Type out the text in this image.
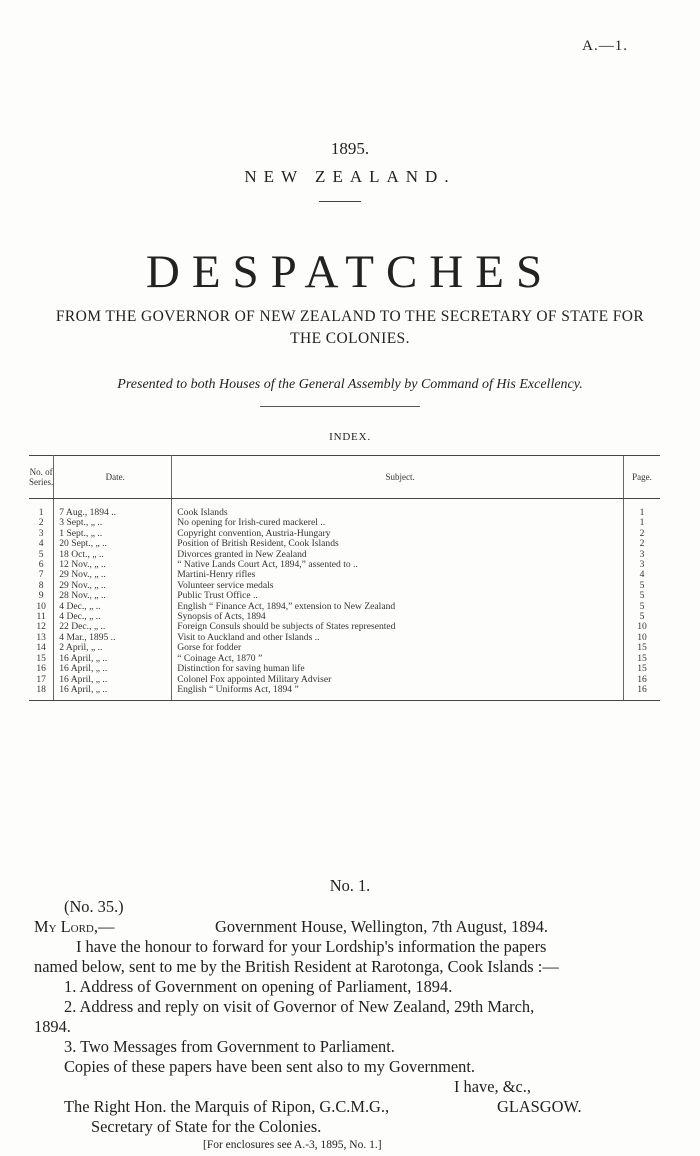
A.—1.
1895.
NEW ZEALAND.
DESPATCHES
FROM THE GOVERNOR OF NEW ZEALAND TO THE SECRETARY OF STATE FOR THE COLONIES.
Presented to both Houses of the General Assembly by Command of His Excellency.
INDEX.
No. of Series.	Date.	Subject.	Page.
1	7 Aug., 1894 ..	Cook Islands	1
2	3 Sept., „ ..	No opening for Irish-cured mackerel ..	1
3	1 Sept., „ ..	Copyright convention, Austria-Hungary	2
4	20 Sept., „ ..	Position of British Resident, Cook Islands	2
5	18 Oct., „ ..	Divorces granted in New Zealand	3
6	12 Nov., „ ..	“ Native Lands Court Act, 1894,” assented to ..	3
7	29 Nov., „ ..	Martini-Henry rifles	4
8	29 Nov., „ ..	Volunteer service medals	5
9	28 Nov., „ ..	Public Trust Office ..	5
10	4 Dec., „ ..	English “ Finance Act, 1894,” extension to New Zealand	5
11	4 Dec., „ ..	Synopsis of Acts, 1894	5
12	22 Dec., „ ..	Foreign Consuls should be subjects of States represented	10
13	4 Mar., 1895 ..	Visit to Auckland and other Islands ..	10
14	2 April, „ ..	Gorse for fodder	15
15	16 April, „ ..	“ Coinage Act, 1870 ”	15
16	16 April, „ ..	Distinction for saving human life	15
17	16 April, „ ..	Colonel Fox appointed Military Adviser	16
18	16 April, „ ..	English “ Uniforms Act, 1894 ”	16
No. 1.
(No. 35.)
My Lord,—	Government House, Wellington, 7th August, 1894.
I have the honour to forward for your Lordship's information the papers
named below, sent to me by the British Resident at Rarotonga, Cook Islands :—
1. Address of Government on opening of Parliament, 1894.
2. Address and reply on visit of Governor of New Zealand, 29th March,
1894.
3. Two Messages from Government to Parliament.
Copies of these papers have been sent also to my Government.
I have, &c.,
The Right Hon. the Marquis of Ripon, G.C.M.G.,	GLASGOW.
Secretary of State for the Colonies.
[For enclosures see A.-3, 1895, No. 1.]
